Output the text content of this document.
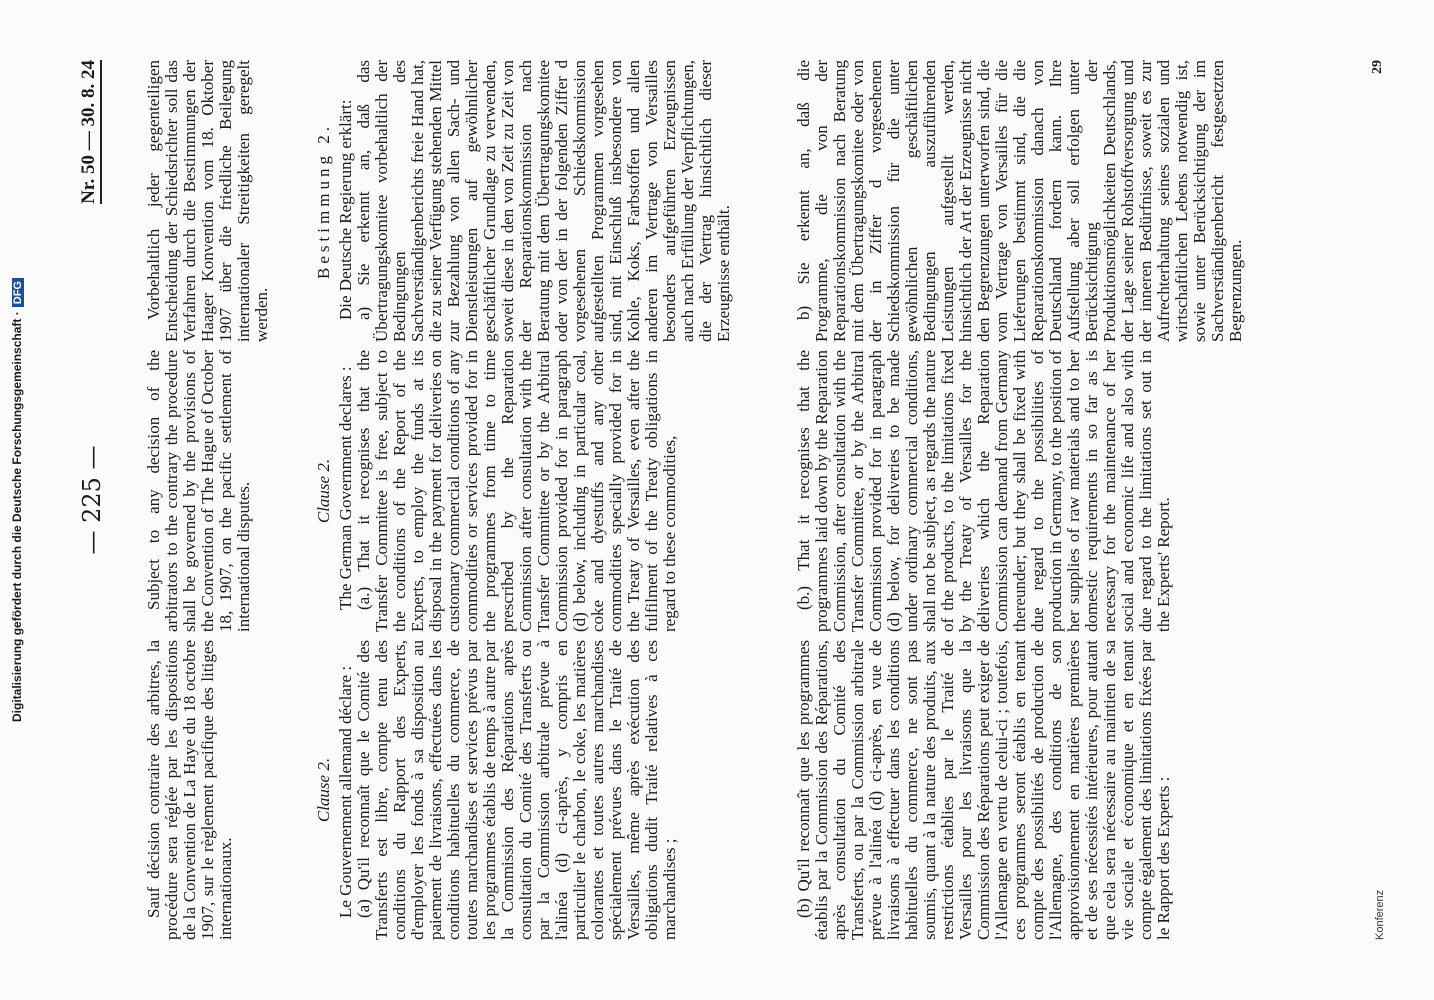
Digitalisierung gefördert durch die Deutsche Forschungsgemeinschaft ·DFG
— 225 —
Nr. 50 — 30. 8. 24

Sauf décision contraire des arbitres, la procédure sera réglée par les dispositions de la Convention de La Haye du 18 octobre 1907, sur le règlement pacifique des litiges internationaux.

Subject to any decision of the arbitrators to the contrary the procedure shall be governed by the provisions of the Convention of The Hague of October 18, 1907, on the pacific settlement of international disputes.

Vorbehaltlich jeder gegenteiligen Entscheidung der Schiedsrichter soll das Verfahren durch die Bestimmungen der Haager Konvention vom 18. Oktober 1907 über die friedliche Beilegung internationaler Streitigkeiten geregelt werden.

Clause 2. Le Gouvernement allemand déclare : (a) Qu'il reconnaît que le Comité des Transferts est libre, compte tenu des conditions du Rapport des Experts, d'employer les fonds à sa disposition au paiement de livraisons, effectuées dans les conditions habituelles du commerce, de toutes marchandises et services prévus par les programmes établis de temps à autre par la Commission des Réparations après consultation du Comité des Transferts ou par la Commission arbitrale prévue à l'alinéa (d) ci-après, y compris en particulier le charbon, le coke, les matières colorantes et toutes autres marchandises spécialement prévues dans le Traité de Versailles, même après exécution des obligations dudit Traité relatives à ces marchandises ;

Clause 2. The German Government declares : (a.) That it recognises that the Transfer Committee is free, subject to the conditions of the Report of the Experts, to employ the funds at its disposal in the payment for deliveries on customary commercial conditions of any commodities or services provided for in the programmes from time to time prescribed by the Reparation Commission after consultation with the Transfer Committee or by the Arbitral Commission provided for in paragraph (d) below, including in particular coal, coke and dyestuffs and any other commodities specially provided for in the Treaty of Versailles, even after the fulfilment of the Treaty obligations in regard to these commodities,

Bestimmung 2. Die Deutsche Regierung erklärt: a) Sie erkennt an, daß das Übertragungskomitee vorbehaltlich der Bedingungen des Sachverständigenberichts freie Hand hat, die zu seiner Verfügung stehenden Mittel zur Bezahlung von allen Sach- und Dienstleistungen auf gewöhnlicher geschäftlicher Grundlage zu verwenden, soweit diese in den von Zeit zu Zeit von der Reparationskommission nach Beratung mit dem Übertragungskomitee oder von der in der folgenden Ziffer d vorgesehenen Schiedskommission aufgestellten Programmen vorgesehen sind, mit Einschluß insbesondere von Kohle, Koks, Farbstoffen und allen anderen im Vertrage von Versailles besonders aufgeführten Erzeugnissen auch nach Erfüllung der Verpflichtungen, die der Vertrag hinsichtlich dieser Erzeugnisse enthält.

(b) Qu'il reconnaît que les programmes établis par la Commission des Réparations, après consultation du Comité des Transferts, ou par la Commission arbitrale prévue à l'alinéa (d) ci-après, en vue de livraisons à effectuer dans les conditions habituelles du commerce, ne sont pas soumis, quant à la nature des produits, aux restrictions établies par le Traité de Versailles pour les livraisons que la Commission des Réparations peut exiger de l'Allemagne en vertu de celui-ci ; toutefois, ces programmes seront établis en tenant compte des possibilités de production de l'Allemagne, des conditions de son approvisionnement en matières premières et de ses nécessités intérieures, pour autant que cela sera nécessaire au maintien de sa vie sociale et économique et en tenant compte également des limitations fixées par le Rapport des Experts :

(b.) That it recognises that the programmes laid down by the Reparation Commission, after consultation with the Transfer Committee, or by the Arbitral Commission provided for in paragraph (d) below, for deliveries to be made under ordinary commercial conditions, shall not be subject, as regards the nature of the products, to the limitations fixed by the Treaty of Versailles for the deliveries which the Reparation Commission can demand from Germany thereunder; but they shall be fixed with due regard to the possibilities of production in Germany, to the position of her supplies of raw materials and to her domestic requirements in so far as is necessary for the maintenance of her social and economic life and also with due regard to the limitations set out in the Experts' Report.

b) Sie erkennt an, daß die Programme, die von der Reparationskommission nach Beratung mit dem Übertragungskomitee oder von der in Ziffer d vorgesehenen Schiedskommission für die unter gewöhnlichen geschäftlichen Bedingungen auszuführenden Leistungen aufgestellt werden, hinsichtlich der Art der Erzeugnisse nicht den Begrenzungen unterworfen sind, die vom Vertrage von Versailles für die Lieferungen bestimmt sind, die die Reparationskommission danach von Deutschland fordern kann. Ihre Aufstellung aber soll erfolgen unter Berücksichtigung der Produktionsmöglichkeiten Deutschlands, der Lage seiner Rohstoffversorgung und der inneren Bedürfnisse, soweit es zur Aufrechterhaltung seines sozialen und wirtschaftlichen Lebens notwendig ist, sowie unter Berücksichtigung der im Sachverständigenbericht festgesetzten Begrenzungen.

Konferenz
29
